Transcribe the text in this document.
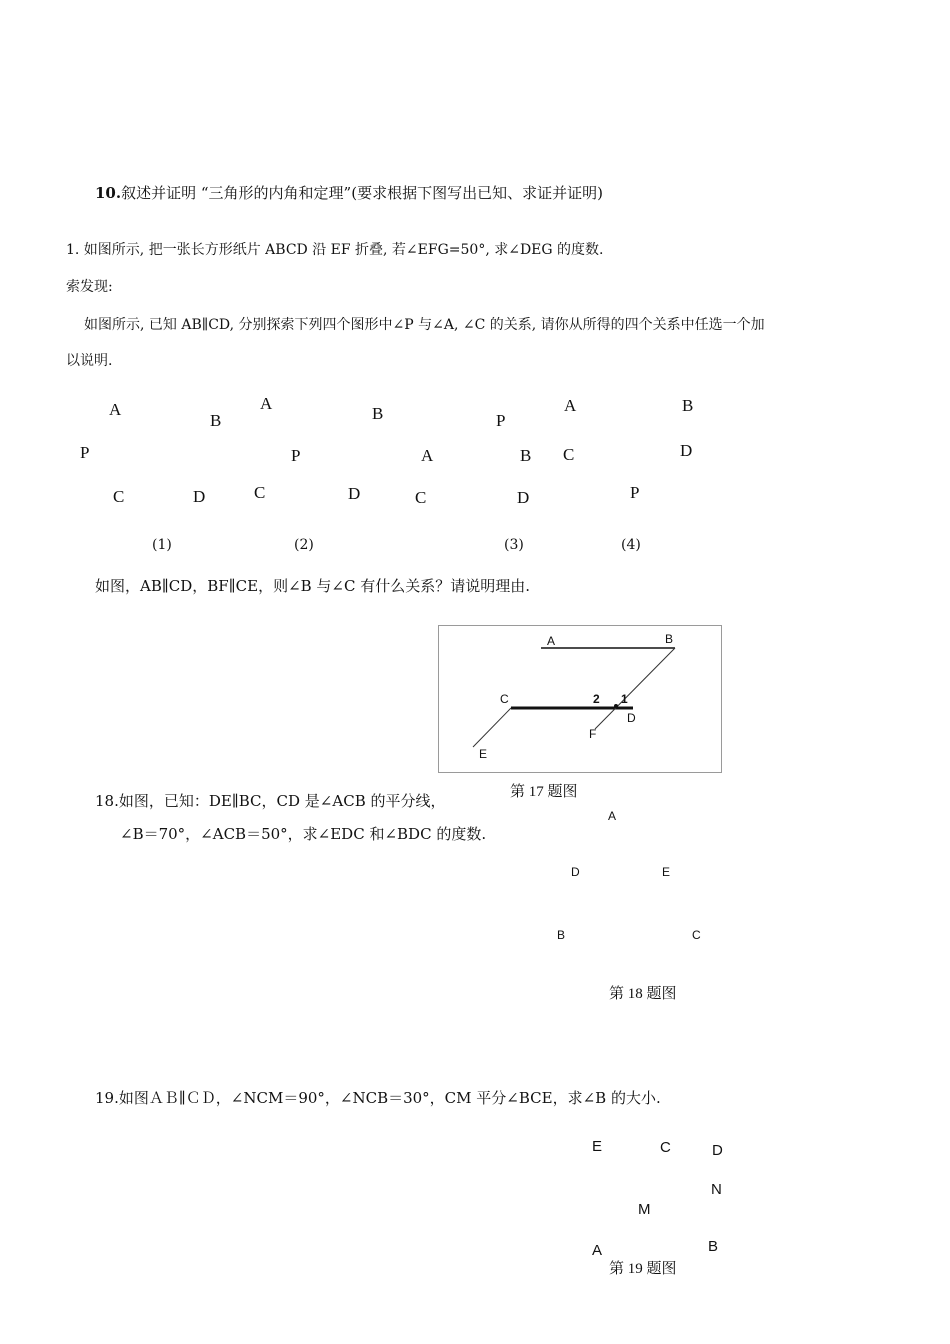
10.叙述并证明 “三角形的内角和定理”(要求根据下图写出已知、求证并证明)
1. 如图所示, 把一张长方形纸片 ABCD 沿 EF 折叠, 若∠EFG=50°, 求∠DEG 的度数.
索发现:
如图所示, 已知 AB∥CD, 分别探索下列四个图形中∠P 与∠A, ∠C 的关系, 请你从所得的四个关系中任选一个加
以说明.
A
B
A
B	P
A	B
P	P	A	B C	D
C	D	C	D	C	D	P
(1)	(2)	(3)	(4)
如图，AB∥CD，BF∥CE，则∠B 与∠C 有什么关系？请说明理由.
A	B
C	2 1
D
F
E
第 17 题图
18.如图，已知：DE∥BC，CD 是∠ACB 的平分线，
∠B＝70°，∠ACB＝50°，求∠EDC 和∠BDC 的度数.
A
D	E
B	C
第 18 题图
19.如图ＡＢ∥ＣＤ，∠NCM＝90°，∠NCB＝30°，CM 平分∠BCE，求∠B 的大小.
E	C	D
N
M
A	B
第 19 题图
